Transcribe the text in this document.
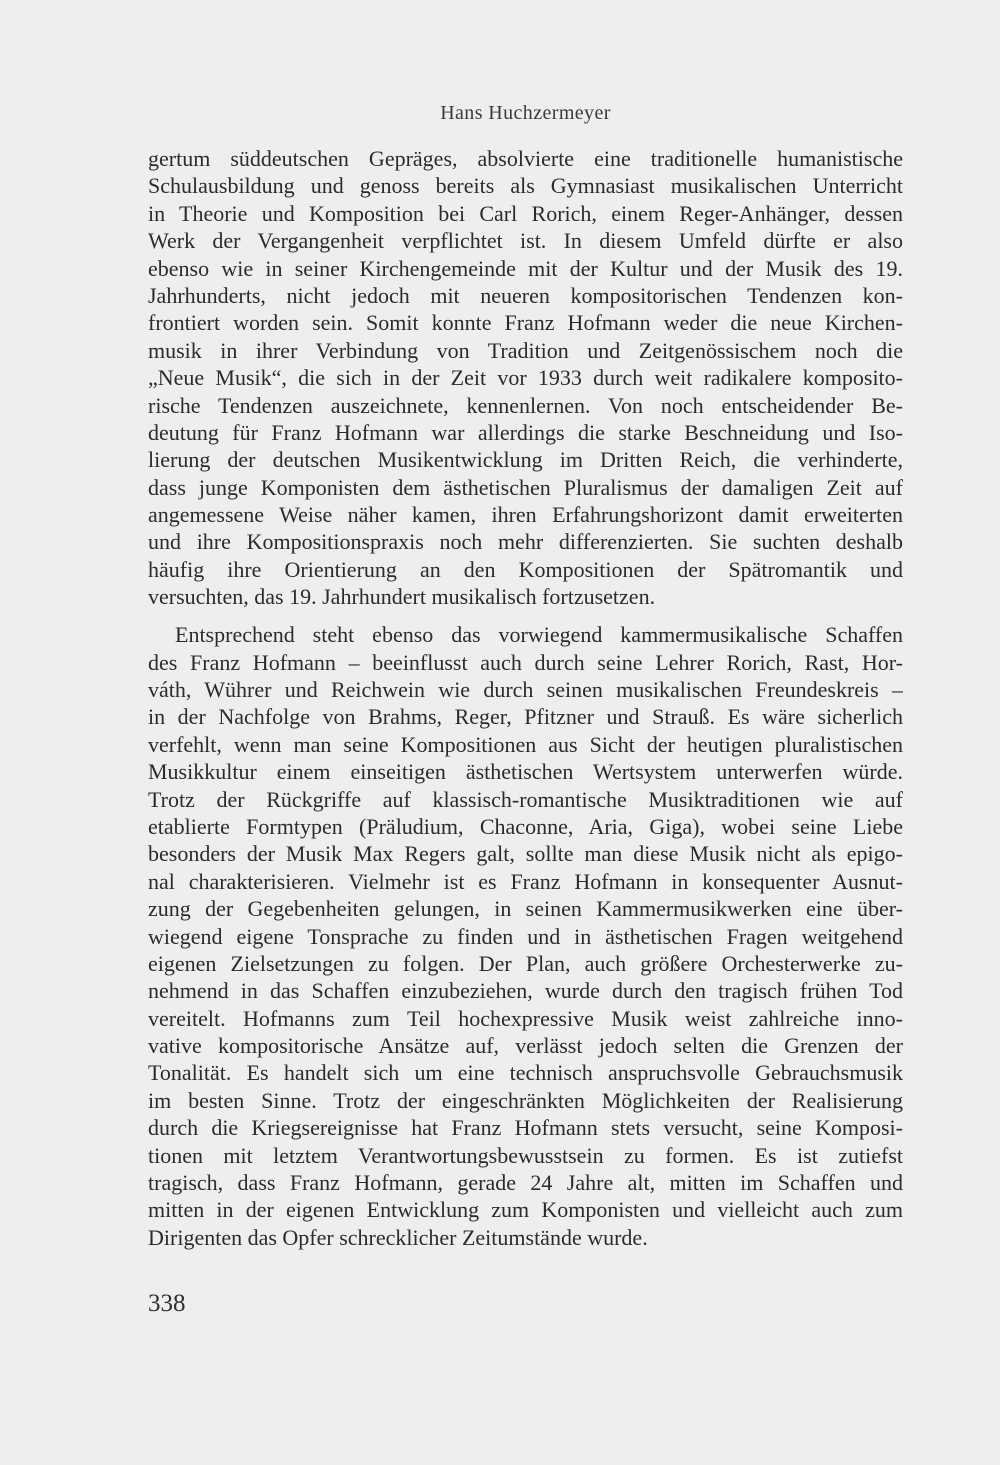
Hans Huchzermeyer
gertum süddeutschen Gepräges, absolvierte eine traditionelle humanistische
Schulausbildung und genoss bereits als Gymnasiast musikalischen Unterricht
in Theorie und Komposition bei Carl Rorich, einem Reger-Anhänger, dessen
Werk der Vergangenheit verpflichtet ist. In diesem Umfeld dürfte er also
ebenso wie in seiner Kirchengemeinde mit der Kultur und der Musik des 19.
Jahrhunderts, nicht jedoch mit neueren kompositorischen Tendenzen kon-
frontiert worden sein. Somit konnte Franz Hofmann weder die neue Kirchen-
musik in ihrer Verbindung von Tradition und Zeitgenössischem noch die
„Neue Musik“, die sich in der Zeit vor 1933 durch weit radikalere komposito-
rische Tendenzen auszeichnete, kennenlernen. Von noch entscheidender Be-
deutung für Franz Hofmann war allerdings die starke Beschneidung und Iso-
lierung der deutschen Musikentwicklung im Dritten Reich, die verhinderte,
dass junge Komponisten dem ästhetischen Pluralismus der damaligen Zeit auf
angemessene Weise näher kamen, ihren Erfahrungshorizont damit erweiterten
und ihre Kompositionspraxis noch mehr differenzierten. Sie suchten deshalb
häufig ihre Orientierung an den Kompositionen der Spätromantik und
versuchten, das 19. Jahrhundert musikalisch fortzusetzen.
Entsprechend steht ebenso das vorwiegend kammermusikalische Schaffen
des Franz Hofmann – beeinflusst auch durch seine Lehrer Rorich, Rast, Hor-
váth, Wührer und Reichwein wie durch seinen musikalischen Freundeskreis –
in der Nachfolge von Brahms, Reger, Pfitzner und Strauß. Es wäre sicherlich
verfehlt, wenn man seine Kompositionen aus Sicht der heutigen pluralistischen
Musikkultur einem einseitigen ästhetischen Wertsystem unterwerfen würde.
Trotz der Rückgriffe auf klassisch-romantische Musiktraditionen wie auf
etablierte Formtypen (Präludium, Chaconne, Aria, Giga), wobei seine Liebe
besonders der Musik Max Regers galt, sollte man diese Musik nicht als epigo-
nal charakterisieren. Vielmehr ist es Franz Hofmann in konsequenter Ausnut-
zung der Gegebenheiten gelungen, in seinen Kammermusikwerken eine über-
wiegend eigene Tonsprache zu finden und in ästhetischen Fragen weitgehend
eigenen Zielsetzungen zu folgen. Der Plan, auch größere Orchesterwerke zu-
nehmend in das Schaffen einzubeziehen, wurde durch den tragisch frühen Tod
vereitelt. Hofmanns zum Teil hochexpressive Musik weist zahlreiche inno-
vative kompositorische Ansätze auf, verlässt jedoch selten die Grenzen der
Tonalität. Es handelt sich um eine technisch anspruchsvolle Gebrauchsmusik
im besten Sinne. Trotz der eingeschränkten Möglichkeiten der Realisierung
durch die Kriegsereignisse hat Franz Hofmann stets versucht, seine Komposi-
tionen mit letztem Verantwortungsbewusstsein zu formen. Es ist zutiefst
tragisch, dass Franz Hofmann, gerade 24 Jahre alt, mitten im Schaffen und
mitten in der eigenen Entwicklung zum Komponisten und vielleicht auch zum
Dirigenten das Opfer schrecklicher Zeitumstände wurde.
338
